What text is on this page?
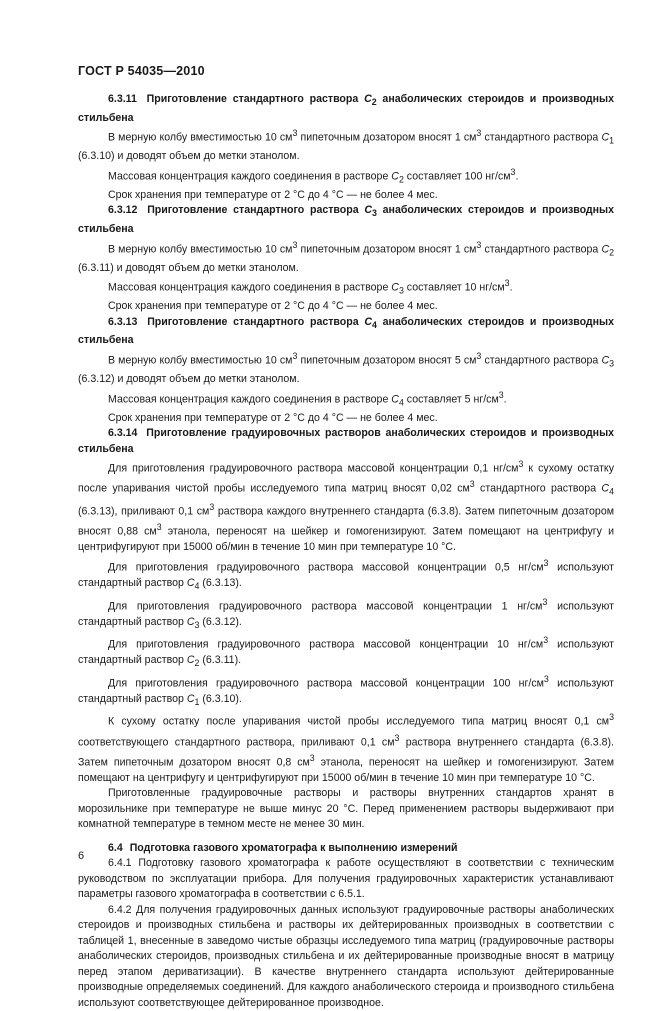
ГОСТ Р 54035—2010

6.3.11 Приготовление стандартного раствора $C_2$ анаболических стероидов и производных стильбена

В мерную колбу вместимостью 10 $см^3$ пипеточным дозатором вносят 1 $см^3$ стандартного раствора $C_1$ (6.3.10) и доводят объем до метки этанолом.

Массовая концентрация каждого соединения в растворе $C_2$ составляет 100 $нг/см^3$.

Срок хранения при температуре от 2 °C до 4 °C — не более 4 мес.

6.3.12 Приготовление стандартного раствора $C_3$ анаболических стероидов и производных стильбена

В мерную колбу вместимостью 10 $см^3$ пипеточным дозатором вносят 1 $см^3$ стандартного раствора $C_2$ (6.3.11) и доводят объем до метки этанолом.

Массовая концентрация каждого соединения в растворе $C_3$ составляет 10 $нг/см^3$.

Срок хранения при температуре от 2 °C до 4 °C — не более 4 мес.

6.3.13 Приготовление стандартного раствора $C_4$ анаболических стероидов и производных стильбена

В мерную колбу вместимостью 10 $см^3$ пипеточным дозатором вносят 5 $см^3$ стандартного раствора $C_3$ (6.3.12) и доводят объем до метки этанолом.

Массовая концентрация каждого соединения в растворе $C_4$ составляет 5 $нг/см^3$.

Срок хранения при температуре от 2 °C до 4 °C — не более 4 мес.

6.3.14 Приготовление градуировочных растворов анаболических стероидов и производных стильбена

Для приготовления градуировочного раствора массовой концентрации 0,1 $нг/см^3$ к сухому остатку после упаривания чистой пробы исследуемого типа матриц вносят 0,02 $см^3$ стандартного раствора $C_4$ (6.3.13), приливают 0,1 $см^3$ раствора каждого внутреннего стандарта (6.3.8). Затем пипеточным дозатором вносят 0,88 $см^3$ этанола, переносят на шейкер и гомогенизируют. Затем помещают на центрифугу и центрифугируют при 15000 об/мин в течение 10 мин при температуре 10 °C.

Для приготовления градуировочного раствора массовой концентрации 0,5 $нг/см^3$ используют стандартный раствор $C_4$ (6.3.13).

Для приготовления градуировочного раствора массовой концентрации 1 $нг/см^3$ используют стандартный раствор $C_3$ (6.3.12).

Для приготовления градуировочного раствора массовой концентрации 10 $нг/см^3$ используют стандартный раствор $C_2$ (6.3.11).

Для приготовления градуировочного раствора массовой концентрации 100 $нг/см^3$ используют стандартный раствор $C_1$ (6.3.10).

К сухому остатку после упаривания чистой пробы исследуемого типа матриц вносят 0,1 $см^3$ соответствующего стандартного раствора, приливают 0,1 $см^3$ раствора внутреннего стандарта (6.3.8). Затем пипеточным дозатором вносят 0,8 $см^3$ этанола, переносят на шейкер и гомогенизируют. Затем помещают на центрифугу и центрифугируют при 15000 об/мин в течение 10 мин при температуре 10 °C.

Приготовленные градуировочные растворы и растворы внутренних стандартов хранят в морозильнике при температуре не выше минус 20 °C. Перед применением растворы выдерживают при комнатной температуре в темном месте не менее 30 мин.

6.4 Подготовка газового хроматографа к выполнению измерений

6.4.1 Подготовку газового хроматографа к работе осуществляют в соответствии с техническим руководством по эксплуатации прибора. Для получения градуировочных характеристик устанавливают параметры газового хроматографа в соответствии с 6.5.1.

6.4.2 Для получения градуировочных данных используют градуировочные растворы анаболических стероидов и производных стильбена и растворы их дейтерированных производных в соответствии с таблицей 1, внесенные в заведомо чистые образцы исследуемого типа матриц (градуировочные растворы анаболических стероидов, производных стильбена и их дейтерированные производные вносят в матрицу перед этапом дериватизации). В качестве внутреннего стандарта используют дейтерированные производные определяемых соединений. Для каждого анаболического стероида и производного стильбена используют соответствующее дейтерированное производное.

6
